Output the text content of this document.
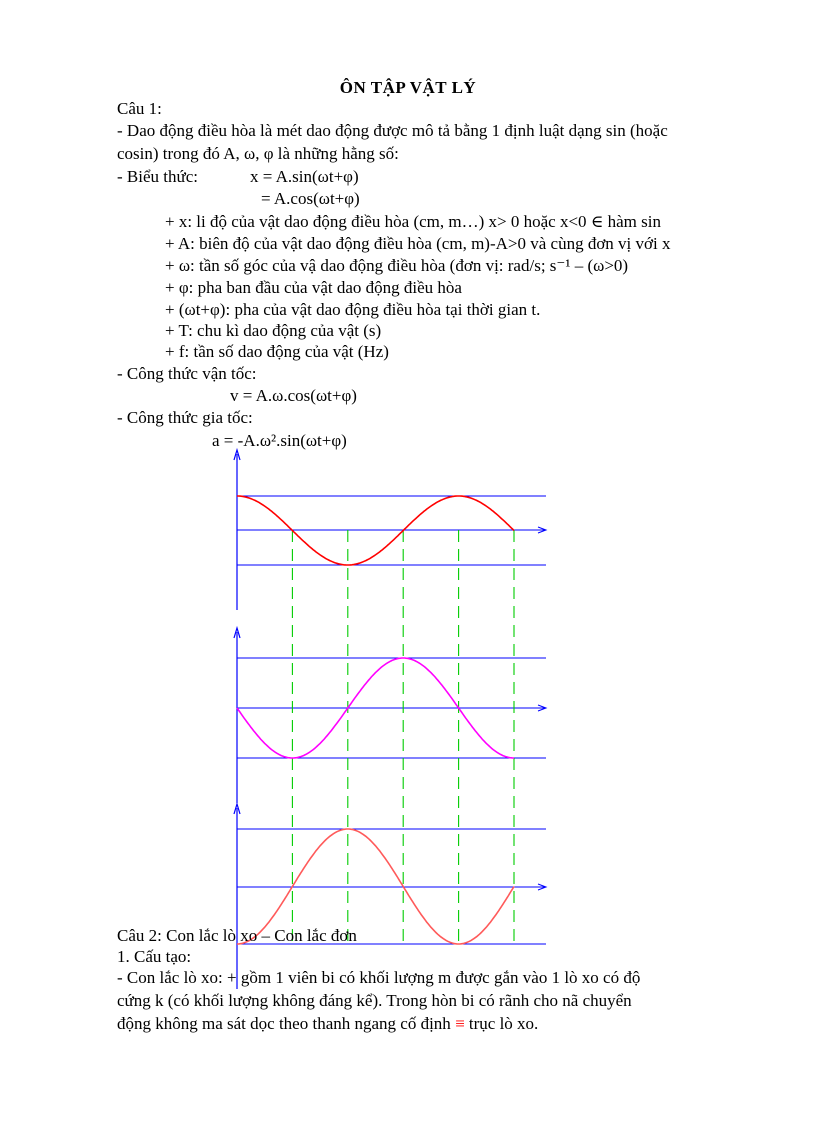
ÔN TẬP VẬT LÝ
Câu 1:
- Dao động điều hòa là mét dao động được mô tả bằng 1 định luật dạng sin (hoặc
cosin) trong đó A, ω, φ là những hằng số:
- Biểu thức:	x = A.sin(ωt+φ)
= A.cos(ωt+φ)
+ x: li độ của vật dao động điều hòa (cm, m…) x> 0 hoặc x<0 ∈ hàm sin
+ A: biên độ của vật dao động điều hòa (cm, m)-A>0 và cùng đơn vị với x
+ ω: tần số góc của vậ dao động điều hòa (đơn vị: rad/s; s⁻¹ – (ω>0)
+ φ: pha ban đầu của vật dao động điều hòa
+ (ωt+φ): pha của vật dao động điều hòa tại thời gian t.
+ T: chu kì dao động của vật (s)
+ f: tần số dao động của vật (Hz)
- Công thức vận tốc:
v = A.ω.cos(ωt+φ)
- Công thức gia tốc:
a = -A.ω².sin(ωt+φ)
Câu 2: Con lắc lò xo – Con lắc đơn
1. Cấu tạo:
- Con lắc lò xo: + gồm 1 viên bi có khối lượng m được gắn vào 1 lò xo có độ
cứng k (có khối lượng không đáng kể). Trong hòn bi có rãnh cho nã chuyển
động không ma sát dọc theo thanh ngang cố định ≡ trục lò xo.
